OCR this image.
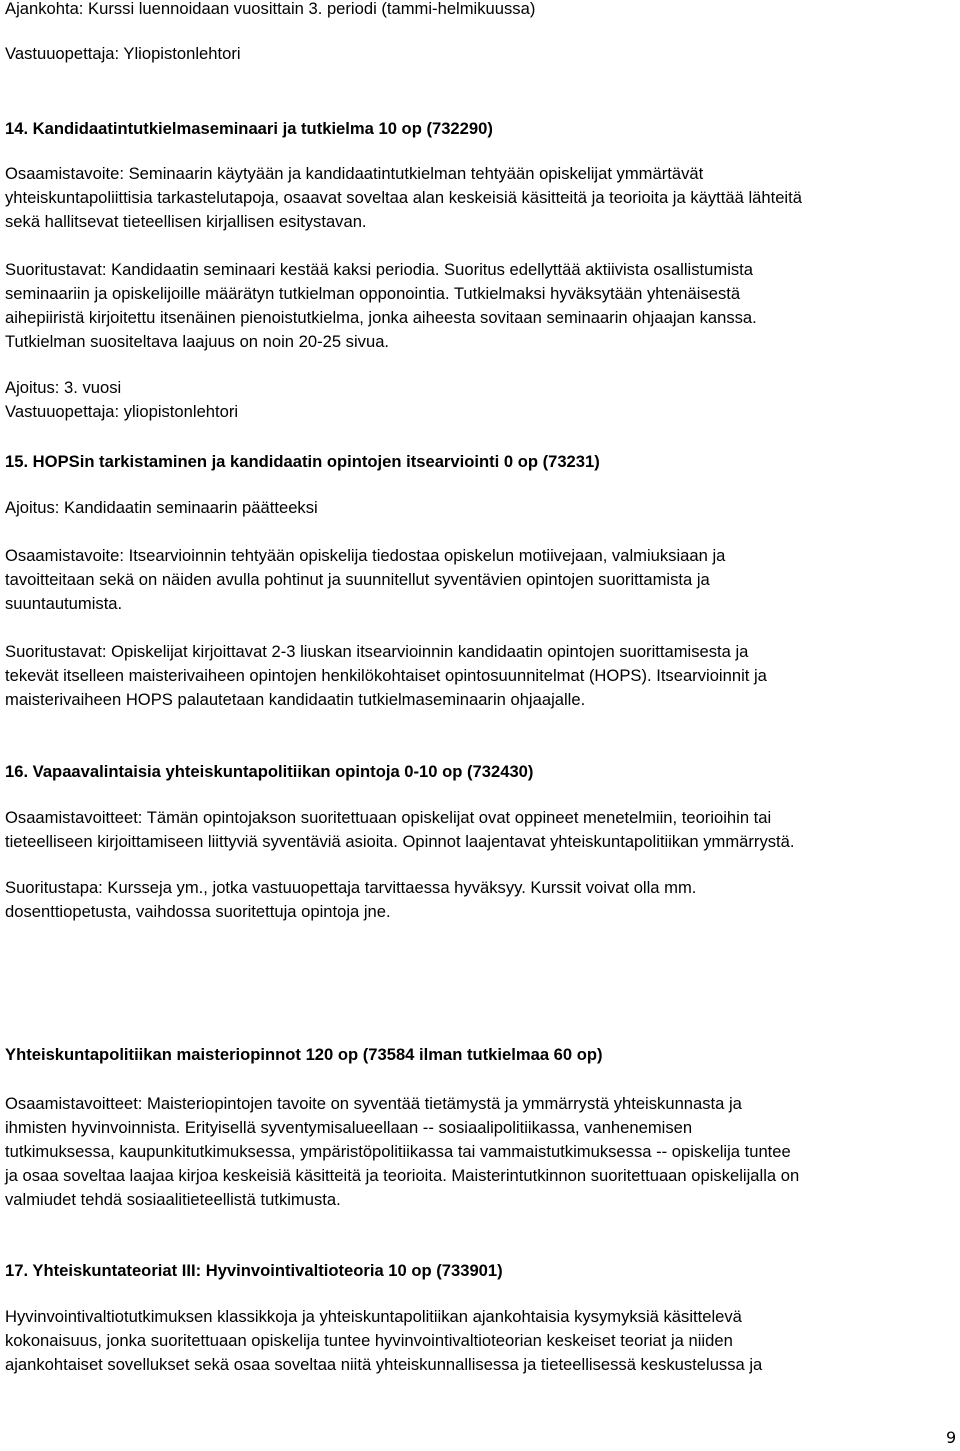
Ajankohta: Kurssi luennoidaan vuosittain 3. periodi (tammi-helmikuussa)
Vastuuopettaja: Yliopistonlehtori
14. Kandidaatintutkielmaseminaari ja tutkielma 10 op (732290)
Osaamistavoite: Seminaarin käytyään ja kandidaatintutkielman tehtyään opiskelijat ymmärtävät
yhteiskuntapoliittisia tarkastelutapoja, osaavat soveltaa alan keskeisiä käsitteitä ja teorioita ja käyttää lähteitä
sekä hallitsevat tieteellisen kirjallisen esitystavan.
Suoritustavat: Kandidaatin seminaari kestää kaksi periodia. Suoritus edellyttää aktiivista osallistumista
seminaariin ja opiskelijoille määrätyn tutkielman opponointia. Tutkielmaksi hyväksytään yhtenäisestä
aihepiiristä kirjoitettu itsenäinen pienoistutkielma, jonka aiheesta sovitaan seminaarin ohjaajan kanssa.
Tutkielman suositeltava laajuus on noin 20-25 sivua.
Ajoitus: 3. vuosi
Vastuuopettaja: yliopistonlehtori
15. HOPSin tarkistaminen ja kandidaatin opintojen itsearviointi 0 op (73231)
Ajoitus: Kandidaatin seminaarin päätteeksi
Osaamistavoite: Itsearvioinnin tehtyään opiskelija tiedostaa opiskelun motiivejaan, valmiuksiaan ja
tavoitteitaan sekä on näiden avulla pohtinut ja suunnitellut syventävien opintojen suorittamista ja
suuntautumista.
Suoritustavat: Opiskelijat kirjoittavat 2-3 liuskan itsearvioinnin kandidaatin opintojen suorittamisesta ja
tekevät itselleen maisterivaiheen opintojen henkilökohtaiset opintosuunnitelmat (HOPS). Itsearvioinnit ja
maisterivaiheen HOPS palautetaan kandidaatin tutkielmaseminaarin ohjaajalle.
16. Vapaavalintaisia yhteiskuntapolitiikan opintoja 0-10 op (732430)
Osaamistavoitteet: Tämän opintojakson suoritettuaan opiskelijat ovat oppineet menetelmiin, teorioihin tai
tieteelliseen kirjoittamiseen liittyviä syventäviä asioita. Opinnot laajentavat yhteiskuntapolitiikan ymmärrystä.
Suoritustapa: Kursseja ym., jotka vastuuopettaja tarvittaessa hyväksyy. Kurssit voivat olla mm.
dosenttiopetusta, vaihdossa suoritettuja opintoja jne.
Yhteiskuntapolitiikan maisteriopinnot 120 op (73584 ilman tutkielmaa 60 op)
Osaamistavoitteet: Maisteriopintojen tavoite on syventää tietämystä ja ymmärrystä yhteiskunnasta ja
ihmisten hyvinvoinnista. Erityisellä syventymisalueellaan -- sosiaalipolitiikassa, vanhenemisen
tutkimuksessa, kaupunkitutkimuksessa, ympäristöpolitiikassa tai vammaistutkimuksessa -- opiskelija tuntee
ja osaa soveltaa laajaa kirjoa keskeisiä käsitteitä ja teorioita. Maisterintutkinnon suoritettuaan opiskelijalla on
valmiudet tehdä sosiaalitieteellistä tutkimusta.
17. Yhteiskuntateoriat III: Hyvinvointivaltioteoria 10 op (733901)
Hyvinvointivaltiotutkimuksen klassikkoja ja yhteiskuntapolitiikan ajankohtaisia kysymyksiä käsittelevä
kokonaisuus, jonka suoritettuaan opiskelija tuntee hyvinvointivaltioteorian keskeiset teoriat ja niiden
ajankohtaiset sovellukset sekä osaa soveltaa niitä yhteiskunnallisessa ja tieteellisessä keskustelussa ja
9
